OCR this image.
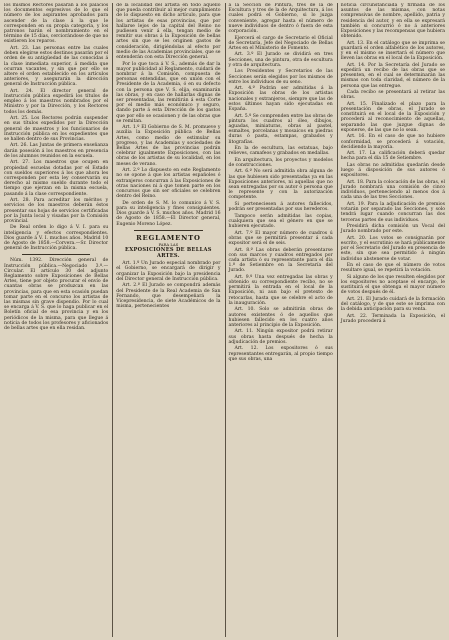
los mismos Rectores pasarán á los palacios los documentos espresivos de lo que el número de los aspirantes aprobados para ascender de la clase á la que le corresponden en su propia categoría, y los patronos harán el nombramiento en el término de 15 días, cerciorándose de que no existieren los reparos.

Art. 23. Las personas entre las cuales deben elegirse estos destinos pasarán por el orden de su antigüedad de las conocidas á la clase inmediata superior, á medida que ocurran vacantes, y sin que por ello se altere el orden establecido en los artículos anteriores, y asegurarán la dirección general de Instrucción pública.

Art. 24. El director general de Instrucción pública expedirá los títulos de empleo á los maestros nombrados por el Ministro y por la Dirección, y los Rectores todos los demás.

Art. 25. Los Rectores podrán suspender en sus títulos expedidos por la Dirección general de maestros y los funcionarios de Instrucción pública en los expedientes que se hallen dentro de sus Provincias.

Art. 26. Las Juntas de primera enseñanza darán posesión á los maestros en presencia de los alumnos reunidos en la escuela.

Art. 27. Los maestros que ocupen en propiedad escuelas dotadas por el Estado con sueldos superiores á los que ahora les corresponden por esta ley conservarán su derecho al mismo sueldo durante todo el tiempo que ejerzan en la misma escuela, pasando á la clase correspondiente.

Art. 28. Para acreditar los méritos y servicios de los maestros deberán éstos presentar sus hojas de servicios certificadas por la Junta local y visadas por la Comisión provincial.

De Real orden lo digo á V. I. para su inteligencia y efectos correspondientes. Dios guarde á V. I. muchos años. Madrid 10 de Agosto de 1858.—Corvera.—Sr. Director general de Instrucción pública.

Núm. 1392. Dirección general de Instrucción pública.—Negociado 3.º.—Circular. El artículo 30 del adjunto Reglamento sobre Exposiciones de Bellas Artes, tiene por objeto procurar el envío de cuantas obras se produzcan en las provincias, para que en esta ocasión puedan tomar parte en el concurso los artistas de las mismas sin grave dispendio. Por lo cual se encarga á V. S. que lo haga publicar en el Boletín oficial de esa provincia y en los periódicos de la misma, para que llegue á noticia de todos los profesores y aficionados de bellas artes que en ella residan.

de la localidad del artista en todo aquello que pueda contribuir al mejor cumplimiento de lo dispuesto en dicho artículo, para que los artistas de esas provincias, que por hallarse lejos de la capital del Reino no pudiesen venir á ella, tengan medio de remitir sus obras á la Exposición de bellas artes sin que se les originen gastos de consideración, dirigiéndolas al efecto por medio de las Academias provinciales, que se entenderán con esta Dirección general.

Por lo que toca á V. S., además de dar la mayor publicidad al Reglamento, cuidará de nombrar á la Comisión, compuesta de personas entendidas, que en unión con el Presidente de la Academia, ó en su defecto con la persona que V. S. elija, examinarán las obras, y en caso de hallarlas dignas de ser presentadas, las remitirán á esta Corte por el medio más económico y seguro, dando parte á esta Dirección de los gastos que por ello se ocasionen y de las obras que se remitan.

Art. 1.º El Gobierno de S. M. promueve y auxilia la Exposición pública de Bellas Artes, como medio de estimular su progreso, y las Academias y sociedades de Bellas Artes de las provincias podrán celebrar igualmente Exposiciones, con las obras de los artistas de su localidad, en los meses de verano.

Art. 2.º Lo dispuesto en este Reglamento no se opone á que los artistas españoles ó extranjeros concurran á las Exposiciones de otras naciones ni á que tomen parte en los concursos que sin ser oficiales se celebren dentro del Reino.

De orden de S. M. lo comunico á V. S. para su inteligencia y fines consiguientes. Dios guarde á V. S. muchos años. Madrid 16 de Agosto de 1858.—El Director general, Eugenio Moreno López.

REGLAMENTO
PARA LAS
EXPOSICIONES DE BELLAS ARTES.

Art. 1.º Un Jurado especial nombrado por el Gobierno, se encargará de dirigir y organizar la Exposición bajo la presidencia del Director general de Instrucción pública.

Art. 2.º El Jurado se compondrá además del Presidente de la Real Academia de San Fernando, que desempeñará la Vicepresidencia, de siete Académicos de la misma, pertenecientes

á la Sección de Pintura, tres de la de Escultura y tres de la de Arquitectura, á los cuales podrá el Gobierno, si lo juzga conveniente, agregar hasta el número de nueve individuos de dentro ó fuera de esta corporación.

Ejercerá el cargo de Secretario el Oficial de Secretaría, Jefe del Negociado de Bellas Artes en el Ministerio de Fomento.

Art. 3.º El Jurado se dividirá en tres Secciones, una de pintura, otra de escultura y otra de arquitectura.

Los Presidentes y Secretarios de las Secciones serán elegidos por los mismos de entre los individuos de su seno.

Art. 4.º Podrán ser admitidas á la Exposición las obras de los artistas nacionales y extranjeros, siempre que las de estos últimos hayan sido ejecutadas en España.

Art. 5.º Se comprenden entre las obras de pintura los cuadros al óleo, dibujos, aguadas, miniaturas, obras al pastel, esmaltes, porcelanas y mosaicos en piedras duras ó pasta, estampas, grabados y litografías.

En la de escultura, las estatuas, bajo relieves, camafeos y grabados en medallas.

En arquitectura, los proyectos y modelos de construcciones.

Art. 6.º No será admitida obra alguna de las que hubiesen sido presentadas ya en las Exposiciones anteriores, ni aquellas que no sean entregadas por su autor ó persona que le represente y con la autorización competente.

Si perteneciesen á autores fallecidos, podrán ser presentadas por sus herederos.

Tampoco serán admitidas las copias, cualquiera que sea el género en que se hubieren ejecutado.

Art. 7.º El mayor número de cuadros ú obras que se permitirá presentar á cada expositor será el de seis.

Art. 8.º Las obras deberán presentarse con sus marcos y cuadros entregados por cada artista ó su representante para el día 1.º de Setiembre en la Secretaría del Jurado.

Art. 9.º Una vez entregadas las obras y obtenido su correspondiente recibo, no se permitirá la entrada en el local de la Exposición, ni aun bajo el pretexto de retocarlas, hasta que se celebre el acto de la inauguración.

Art. 10. Solo se admitirán obras de autores existentes ó de aquellos que hubiesen fallecido en los cuatro años anteriores al principio de la Exposición.

Art. 11. Ningún expositor podrá retirar sus obras hasta después de hecha la adjudicación de premios.

Art. 12. Los expositores ó sus representantes entregarán, al propio tiempo que sus obras, una

noticia circunstanciada y firmada de los asuntos de las mismas, con notas comprensivas de nombre, apellido, patria y residencia del autor, y en ella se expresará también si concurrió ó no á anteriores Exposiciones y las recompensas que hubiera obtenido.

Art. 13. En el catálogo que se imprima se guardará el orden alfabético de los autores, y en el mismo se insertará el número que lleven las obras en el local de la Exposición.

Art. 14. Por la Secretaría del Jurado se expedirá un recibo de las obras que se presenten, en el cual se determinarán las mismas con toda claridad, el número de la persona que las entregue.

Cada recibo se presentará al retirar las obras.

Art. 15. Finalizado el plazo para la presentación de obras, el Jurado se constituirá en el local de la Exposición y procederá al reconocimiento de aquellas, separando las que juzgue dignas de exponerse, de las que no lo sean.

Art. 16. En el caso de que no hubiere conformidad, se procederá á votación, decidiendo la mayoría.

Art. 17. La calificación deberá quedar hecha para el día 15 de Setiembre.

Las obras no admitidas quedarán desde luego á disposición de sus autores ó expositores.

Art. 18. Para la colocación de las obras, el Jurado nombrará una comisión de cinco individuos, perteneciendo al menos dos á cada una de las tres Secciones.

Art. 19. Para la adjudicación de premios votarán por separado las Secciones, y solo tendrá lugar cuando concurran las dos terceras partes de sus individuos.

Presidirá dicha comisión un Vocal del Jurado nombrado por este.

Art. 20. Los votos se consignarán por escrito, y el escrutinio se hará públicamente por el Secretario del Jurado en presencia de este, sin que sea permitido á ningún individuo abstenerse de votar.

En el caso de que el número de votos resultare igual, se repetirá la votación.

Si alguno de los que resulten elegidos por los expositores no aceptase el encargo, le sustituirá el que obtenga el mayor número de votos después de él.

Art. 21. El Jurado cuidará de la formación del catálogo, y de que este se imprima con la debida anticipación para su venta.

Art. 22. Terminada la Exposición, el Jurado procederá á
